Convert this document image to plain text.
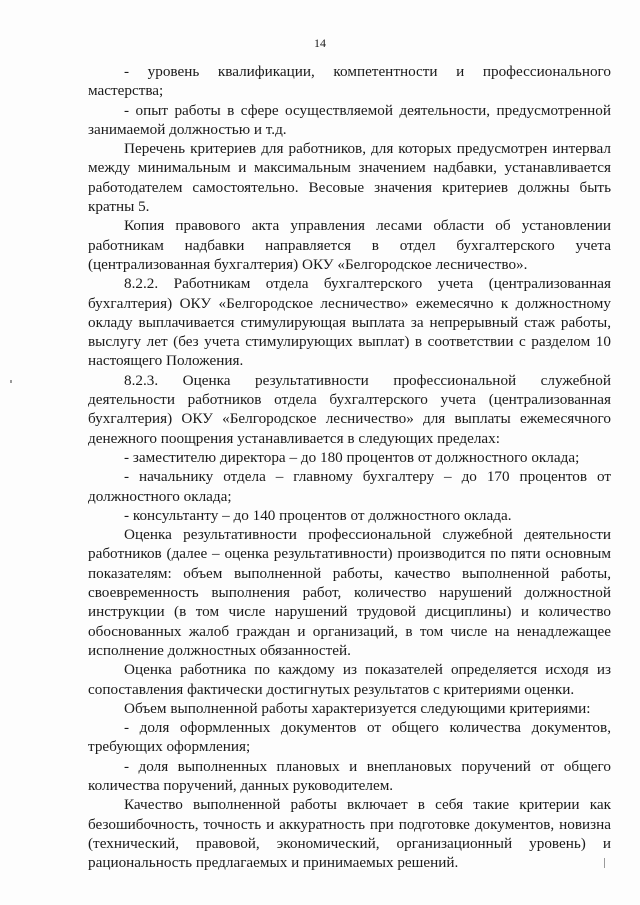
14

- уровень квалификации, компетентности и профессионального мастерства;

- опыт работы в сфере осуществляемой деятельности, предусмотренной занимаемой должностью и т.д.

Перечень критериев для работников, для которых предусмотрен интервал между минимальным и максимальным значением надбавки, устанавливается работодателем самостоятельно. Весовые значения критериев должны быть кратны 5.

Копия правового акта управления лесами области об установлении работникам надбавки направляется в отдел бухгалтерского учета (централизованная бухгалтерия) ОКУ «Белгородское лесничество».

8.2.2. Работникам отдела бухгалтерского учета (централизованная бухгалтерия) ОКУ «Белгородское лесничество» ежемесячно к должностному окладу выплачивается стимулирующая выплата за непрерывный стаж работы, выслугу лет (без учета стимулирующих выплат) в соответствии с разделом 10 настоящего Положения.

8.2.3. Оценка результативности профессиональной служебной деятельности работников отдела бухгалтерского учета (централизованная бухгалтерия) ОКУ «Белгородское лесничество» для выплаты ежемесячного денежного поощрения устанавливается в следующих пределах:

- заместителю директора – до 180 процентов от должностного оклада;

- начальнику отдела – главному бухгалтеру – до 170 процентов от должностного оклада;

- консультанту – до 140 процентов от должностного оклада.

Оценка результативности профессиональной служебной деятельности работников (далее – оценка результативности) производится по пяти основным показателям: объем выполненной работы, качество выполненной работы, своевременность выполнения работ, количество нарушений должностной инструкции (в том числе нарушений трудовой дисциплины) и количество обоснованных жалоб граждан и организаций, в том числе на ненадлежащее исполнение должностных обязанностей.

Оценка работника по каждому из показателей определяется исходя из сопоставления фактически достигнутых результатов с критериями оценки.

Объем выполненной работы характеризуется следующими критериями:

- доля оформленных документов от общего количества документов, требующих оформления;

- доля выполненных плановых и внеплановых поручений от общего количества поручений, данных руководителем.

Качество выполненной работы включает в себя такие критерии как безошибочность, точность и аккуратность при подготовке документов, новизна (технический, правовой, экономический, организационный уровень) и рациональность предлагаемых и принимаемых решений.
